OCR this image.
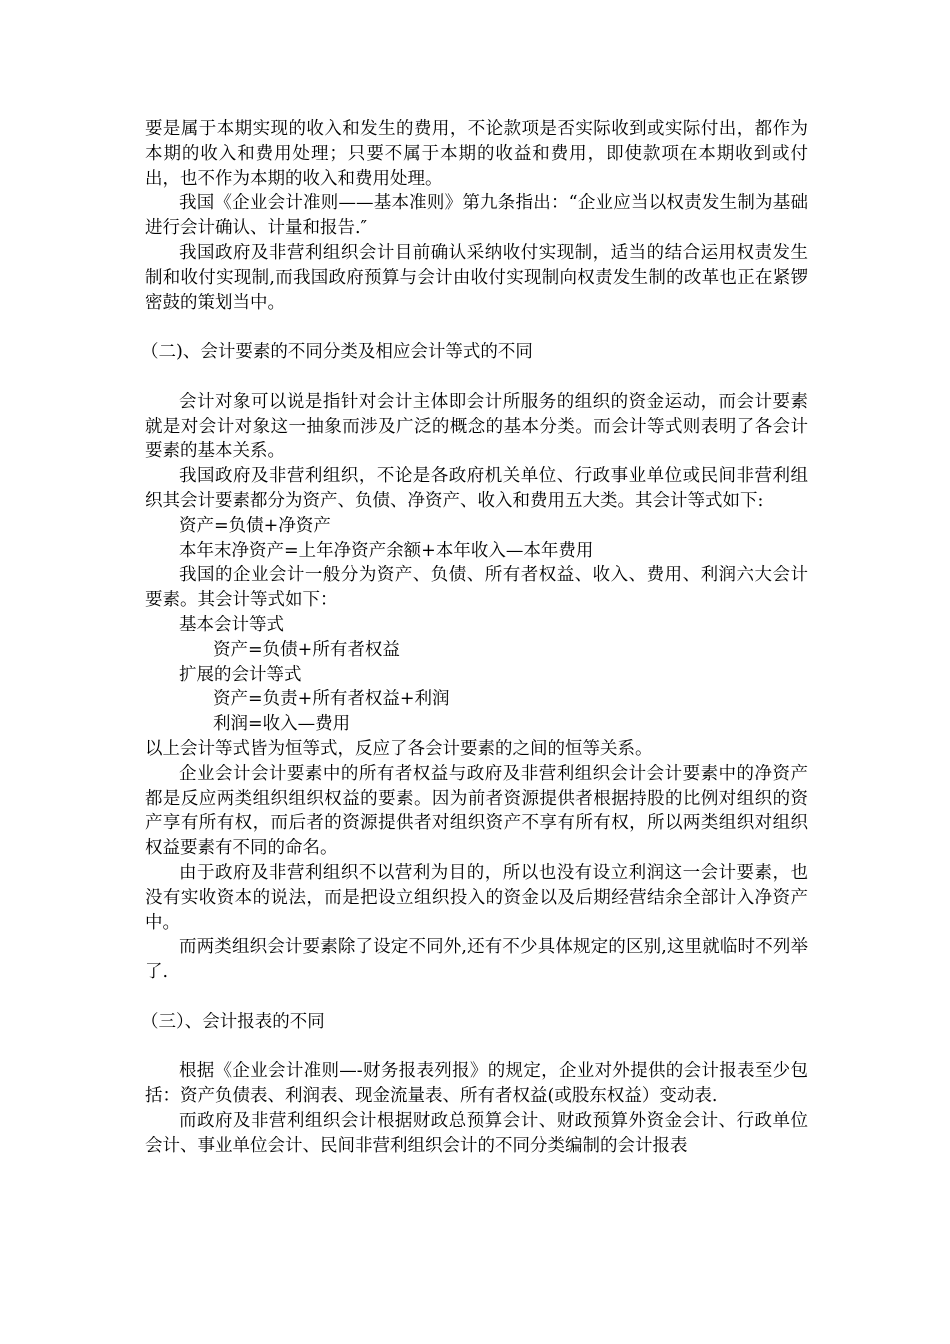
要是属于本期实现的收入和发生的费用，不论款项是否实际收到或实际付出，都作为本期的收入和费用处理；只要不属于本期的收益和费用，即使款项在本期收到或付出，也不作为本期的收入和费用处理。

我国《企业会计准则——基本准则》第九条指出：“企业应当以权责发生制为基础进行会计确认、计量和报告.″

我国政府及非营利组织会计目前确认采纳收付实现制，适当的结合运用权责发生制和收付实现制,而我国政府预算与会计由收付实现制向权责发生制的改革也正在紧锣密鼓的策划当中。

（二)、会计要素的不同分类及相应会计等式的不同

会计对象可以说是指针对会计主体即会计所服务的组织的资金运动，而会计要素就是对会计对象这一抽象而涉及广泛的概念的基本分类。而会计等式则表明了各会计要素的基本关系。

我国政府及非营利组织，不论是各政府机关单位、行政事业单位或民间非营利组织其会计要素都分为资产、负债、净资产、收入和费用五大类。其会计等式如下:

资产=负债+净资产

本年末净资产=上年净资产余额+本年收入—本年费用

我国的企业会计一般分为资产、负债、所有者权益、收入、费用、利润六大会计要素。其会计等式如下：

基本会计等式

资产=负债+所有者权益

扩展的会计等式

资产=负责+所有者权益+利润

利润=收入—费用

以上会计等式皆为恒等式，反应了各会计要素的之间的恒等关系。

企业会计会计要素中的所有者权益与政府及非营利组织会计会计要素中的净资产都是反应两类组织组织权益的要素。因为前者资源提供者根据持股的比例对组织的资产享有所有权，而后者的资源提供者对组织资产不享有所有权，所以两类组织对组织权益要素有不同的命名。

由于政府及非营利组织不以营利为目的，所以也没有设立利润这一会计要素，也没有实收资本的说法，而是把设立组织投入的资金以及后期经营结余全部计入净资产中。

而两类组织会计要素除了设定不同外,还有不少具体规定的区别,这里就临时不列举了.

（三）、会计报表的不同

根据《企业会计准则—-财务报表列报》的规定，企业对外提供的会计报表至少包括：资产负债表、利润表、现金流量表、所有者权益(或股东权益）变动表.

而政府及非营利组织会计根据财政总预算会计、财政预算外资金会计、行政单位会计、事业单位会计、民间非营利组织会计的不同分类编制的会计报表
